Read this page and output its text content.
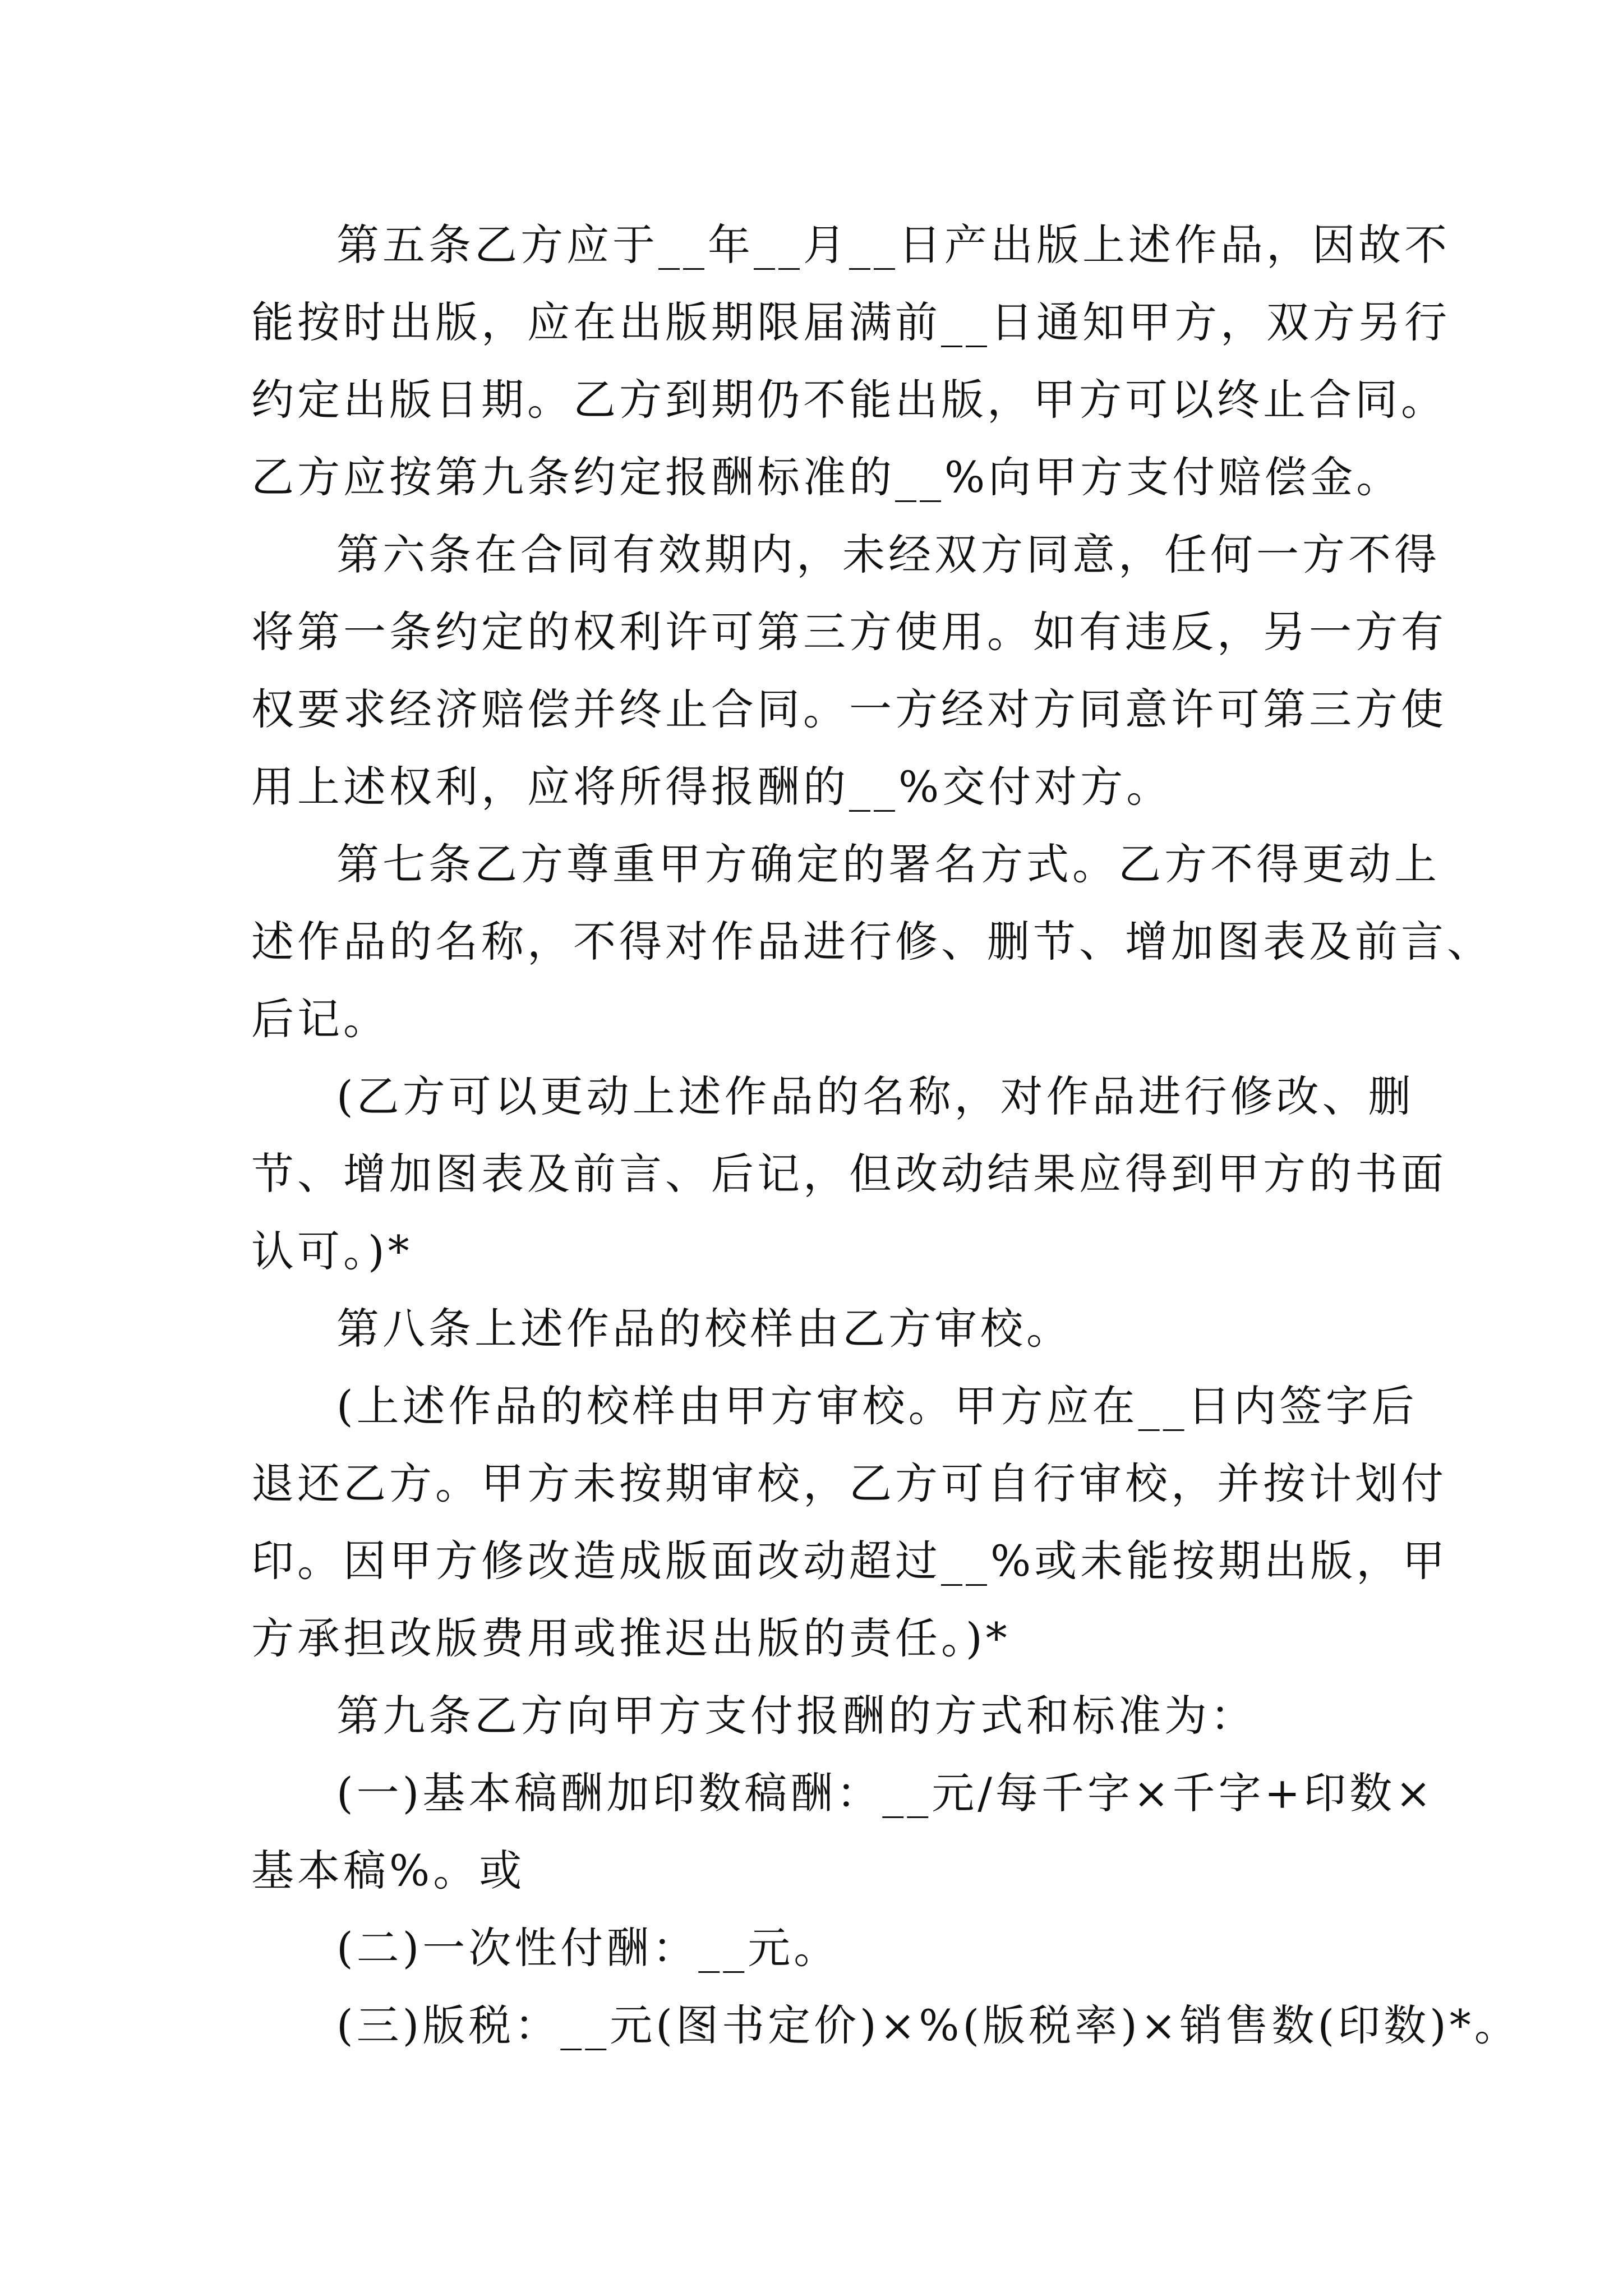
第五条乙方应于__年__月__日产出版上述作品，因故不
能按时出版，应在出版期限届满前__日通知甲方，双方另行
约定出版日期。乙方到期仍不能出版，甲方可以终止合同。
乙方应按第九条约定报酬标准的__%向甲方支付赔偿金。
第六条在合同有效期内，未经双方同意，任何一方不得
将第一条约定的权利许可第三方使用。如有违反，另一方有
权要求经济赔偿并终止合同。一方经对方同意许可第三方使
用上述权利，应将所得报酬的__%交付对方。
第七条乙方尊重甲方确定的署名方式。乙方不得更动上
述作品的名称，不得对作品进行修、删节、增加图表及前言、
后记。
(乙方可以更动上述作品的名称，对作品进行修改、删
节、增加图表及前言、后记，但改动结果应得到甲方的书面
认可。)*
第八条上述作品的校样由乙方审校。
(上述作品的校样由甲方审校。甲方应在__日内签字后
退还乙方。甲方未按期审校，乙方可自行审校，并按计划付
印。因甲方修改造成版面改动超过__%或未能按期出版，甲
方承担改版费用或推迟出版的责任。)*
第九条乙方向甲方支付报酬的方式和标准为：
(一)基本稿酬加印数稿酬：__元/每千字×千字+印数×
基本稿%。或
(二)一次性付酬：__元。
(三)版税：__元(图书定价)×%(版税率)×销售数(印数)*。
